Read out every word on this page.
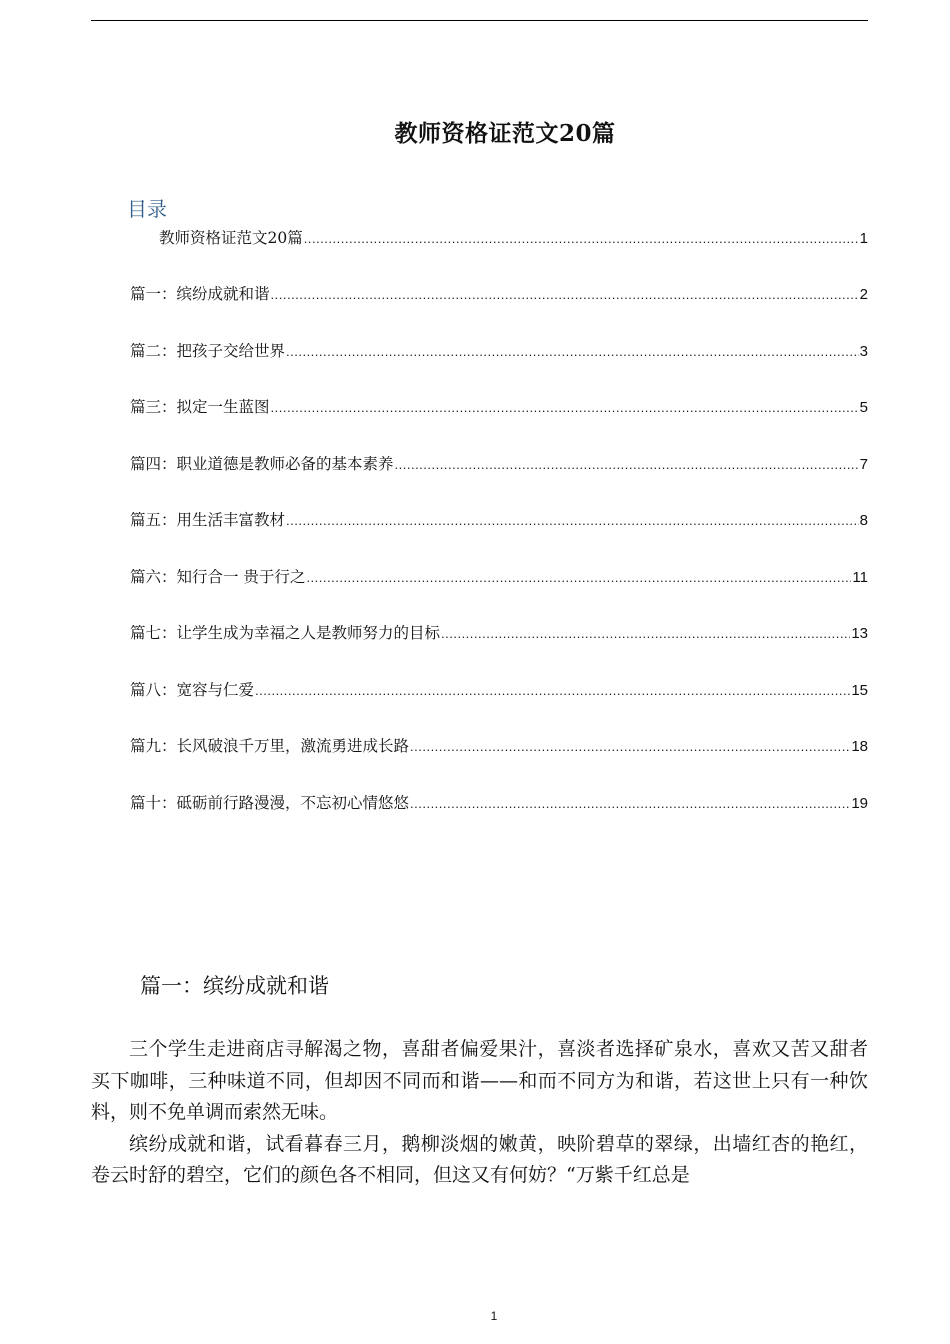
教师资格证范文20篇
目录
教师资格证范文20篇 .....	1
篇一：缤纷成就和谐 .....	2
篇二：把孩子交给世界 .....	3
篇三：拟定一生蓝图 .....	5
篇四：职业道德是教师必备的基本素养 .....	7
篇五：用生活丰富教材 .....	8
篇六：知行合一 贵于行之 .....	11
篇七：让学生成为幸福之人是教师努力的目标 .....	13
篇八：宽容与仁爱 .....	15
篇九：长风破浪千万里，激流勇进成长路 .....	18
篇十：砥砺前行路漫漫，不忘初心情悠悠 .....	19
篇一：缤纷成就和谐

三个学生走进商店寻解渴之物，喜甜者偏爱果汁，喜淡者选择矿泉水，喜欢又苦又甜者买下咖啡，三种味道不同，但却因不同而和谐——和而不同方为和谐，若这世上只有一种饮料，则不免单调而索然无味。

缤纷成就和谐，试看暮春三月，鹅柳淡烟的嫩黄，映阶碧草的翠绿，出墙红杏的艳红，卷云时舒的碧空，它们的颜色各不相同，但这又有何妨？“万紫千红总是

1
